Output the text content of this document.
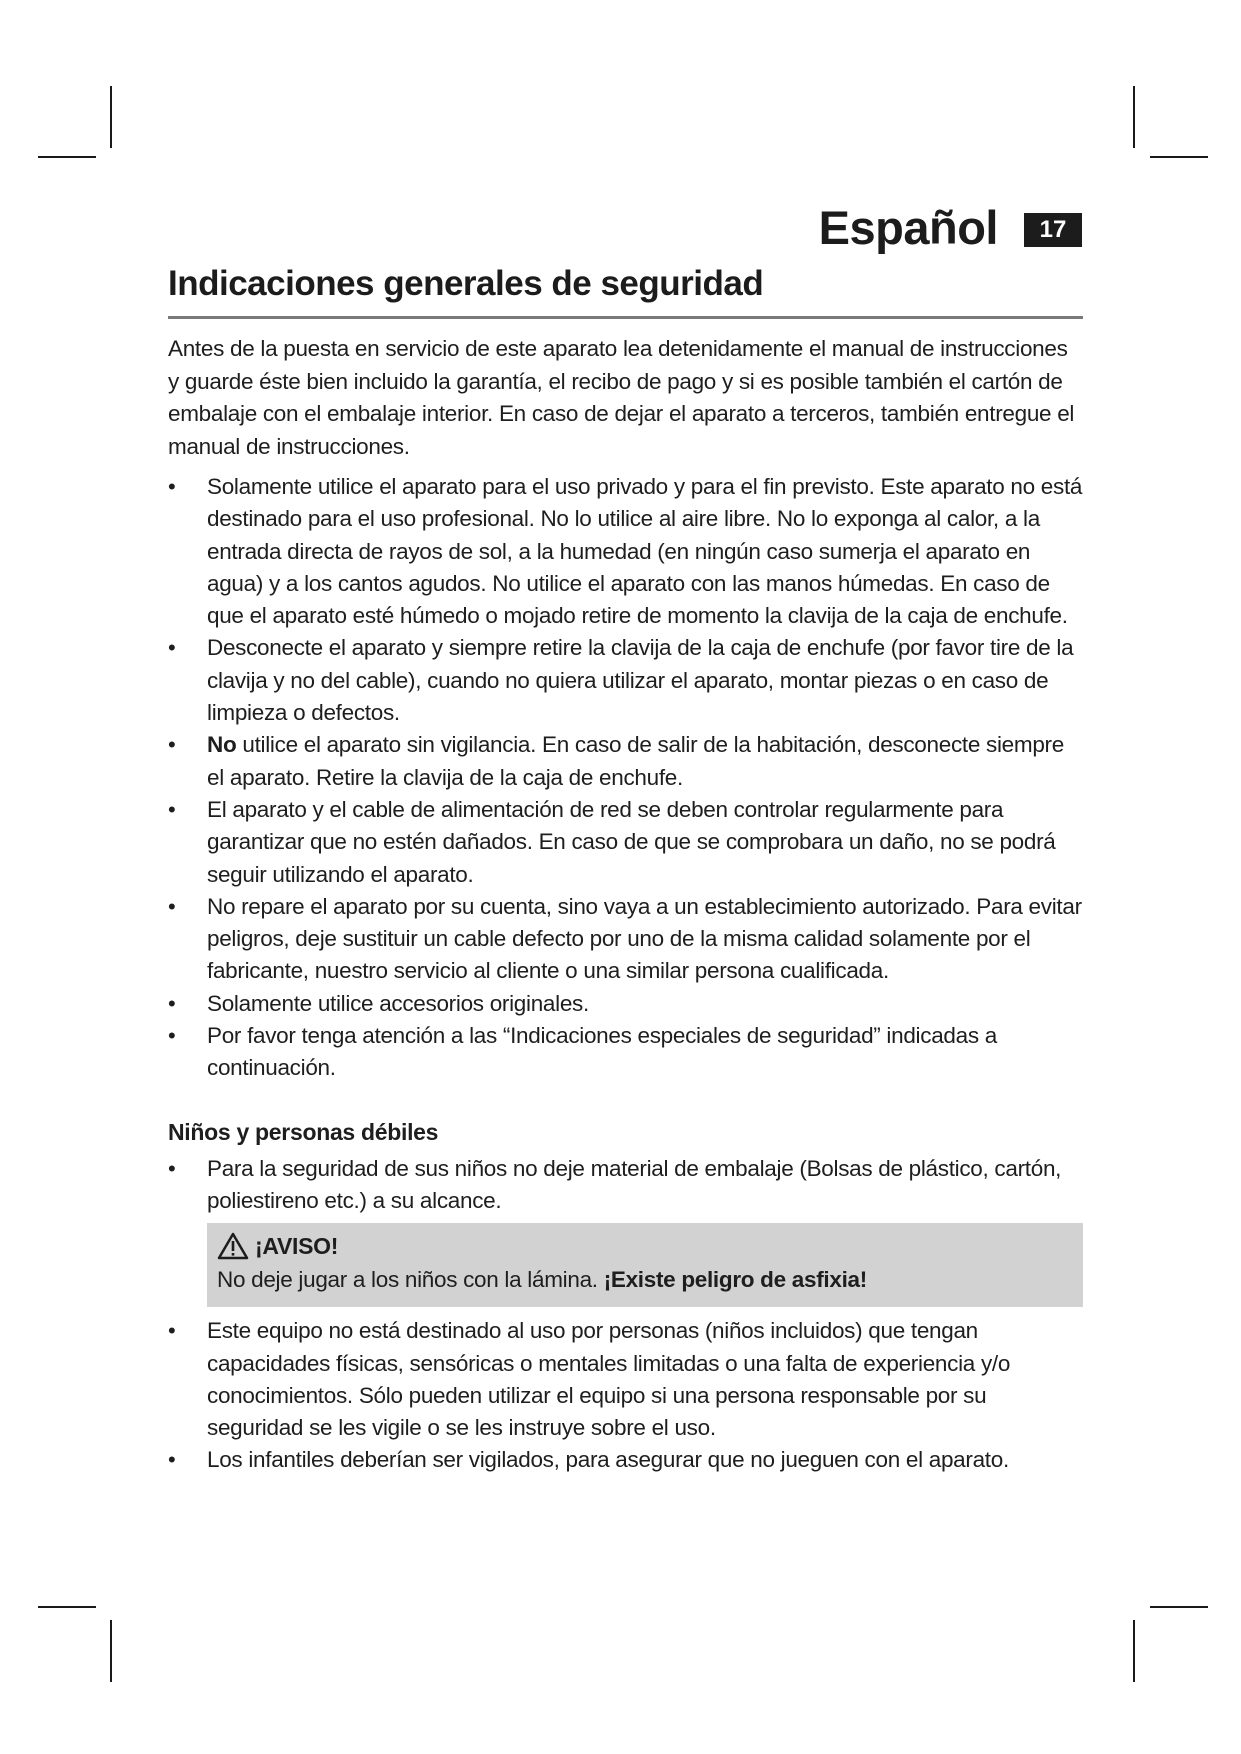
Español	17
Indicaciones generales de seguridad

Antes de la puesta en servicio de este aparato lea detenidamente el manual de instrucciones y guarde éste bien incluido la garantía, el recibo de pago y si es posible también el cartón de embalaje con el embalaje interior. En caso de dejar el aparato a terceros, también entregue el manual de instrucciones.

•	Solamente utilice el aparato para el uso privado y para el fin previsto. Este aparato no está destinado para el uso profesional. No lo utilice al aire libre. No lo exponga al calor, a la entrada directa de rayos de sol, a la humedad (en ningún caso sumerja el aparato en agua) y a los cantos agudos. No utilice el aparato con las manos húmedas. En caso de que el aparato esté húmedo o mojado retire de momento la clavija de la caja de enchufe.
•	Desconecte el aparato y siempre retire la clavija de la caja de enchufe (por favor tire de la clavija y no del cable), cuando no quiera utilizar el aparato, montar piezas o en caso de limpieza o defectos.
•	No utilice el aparato sin vigilancia. En caso de salir de la habitación, desconecte siempre el aparato. Retire la clavija de la caja de enchufe.
•	El aparato y el cable de alimentación de red se deben controlar regularmente para garantizar que no estén dañados. En caso de que se comprobara un daño, no se podrá seguir utilizando el aparato.
•	No repare el aparato por su cuenta, sino vaya a un establecimiento autorizado. Para evitar peligros, deje sustituir un cable defecto por uno de la misma calidad solamente por el fabricante, nuestro servicio al cliente o una similar persona cualificada.
•	Solamente utilice accesorios originales.
•	Por favor tenga atención a las “Indicaciones especiales de seguridad” indicadas a continuación.
Niños y personas débiles
•	Para la seguridad de sus niños no deje material de embalaje (Bolsas de plástico, cartón, poliestireno etc.) a su alcance.
¡AVISO!
No deje jugar a los niños con la lámina. ¡Existe peligro de asfixia!
•	Este equipo no está destinado al uso por personas (niños incluidos) que tengan capacidades físicas, sensóricas o mentales limitadas o una falta de experiencia y/o conocimientos. Sólo pueden utilizar el equipo si una persona responsable por su seguridad se les vigile o se les instruye sobre el uso.
•	Los infantiles deberían ser vigilados, para asegurar que no jueguen con el aparato.
